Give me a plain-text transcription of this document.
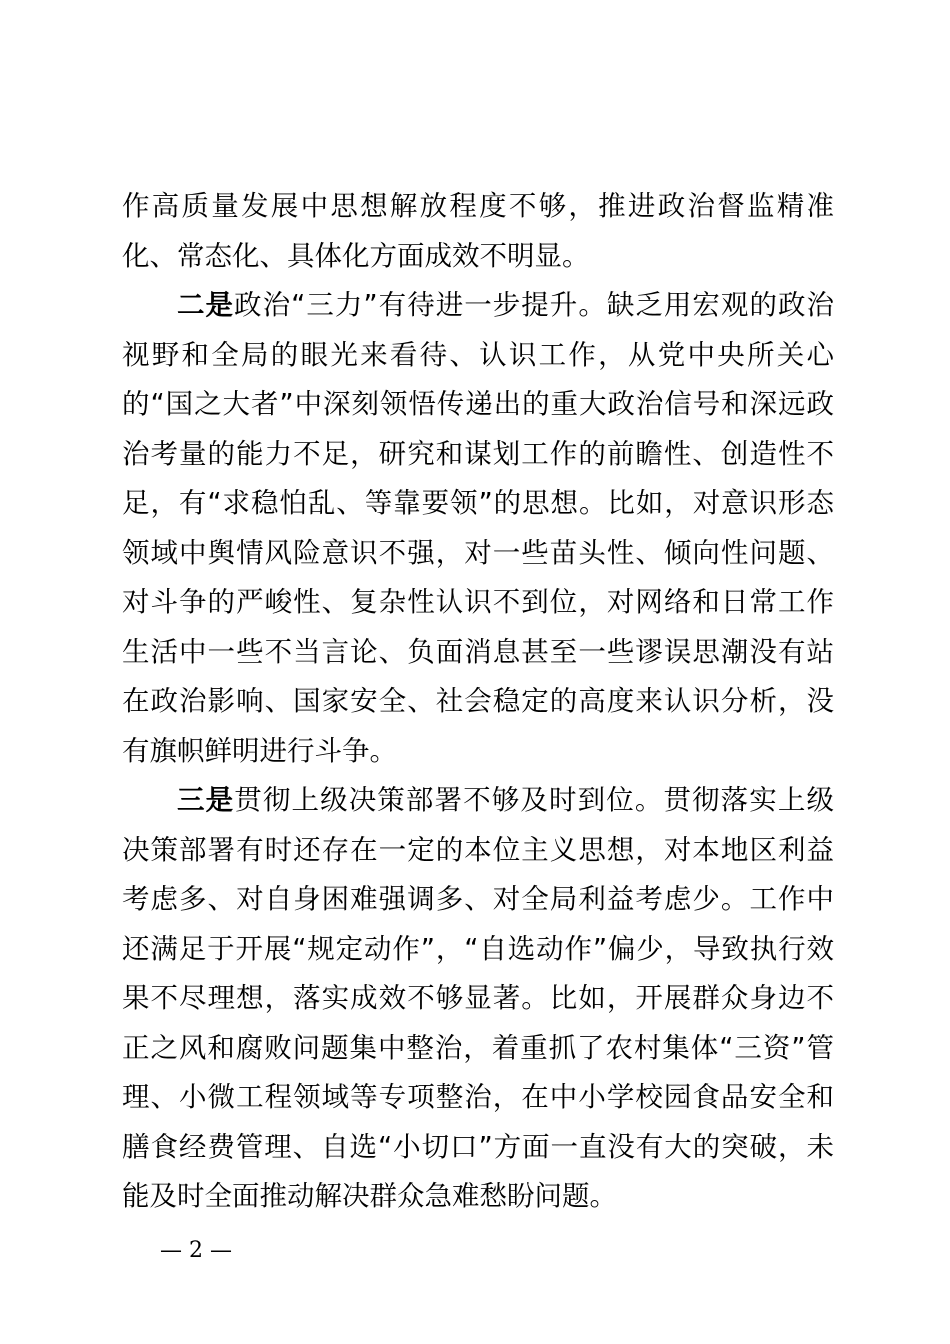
作高质量发展中思想解放程度不够，推进政治督监精准化、常态化、具体化方面成效不明显。

二是政治“三力”有待进一步提升。缺乏用宏观的政治视野和全局的眼光来看待、认识工作，从党中央所关心的“国之大者”中深刻领悟传递出的重大政治信号和深远政治考量的能力不足，研究和谋划工作的前瞻性、创造性不足，有“求稳怕乱、等靠要领”的思想。比如，对意识形态领域中舆情风险意识不强，对一些苗头性、倾向性问题、对斗争的严峻性、复杂性认识不到位，对网络和日常工作生活中一些不当言论、负面消息甚至一些谬误思潮没有站在政治影响、国家安全、社会稳定的高度来认识分析，没有旗帜鲜明进行斗争。

三是贯彻上级决策部署不够及时到位。贯彻落实上级决策部署有时还存在一定的本位主义思想，对本地区利益考虑多、对自身困难强调多、对全局利益考虑少。工作中还满足于开展“规定动作”，“自选动作”偏少，导致执行效果不尽理想，落实成效不够显著。比如，开展群众身边不正之风和腐败问题集中整治，着重抓了农村集体“三资”管理、小微工程领域等专项整治，在中小学校园食品安全和膳食经费管理、自选“小切口”方面一直没有大的突破，未能及时全面推动解决群众急难愁盼问题。

— 2 —
